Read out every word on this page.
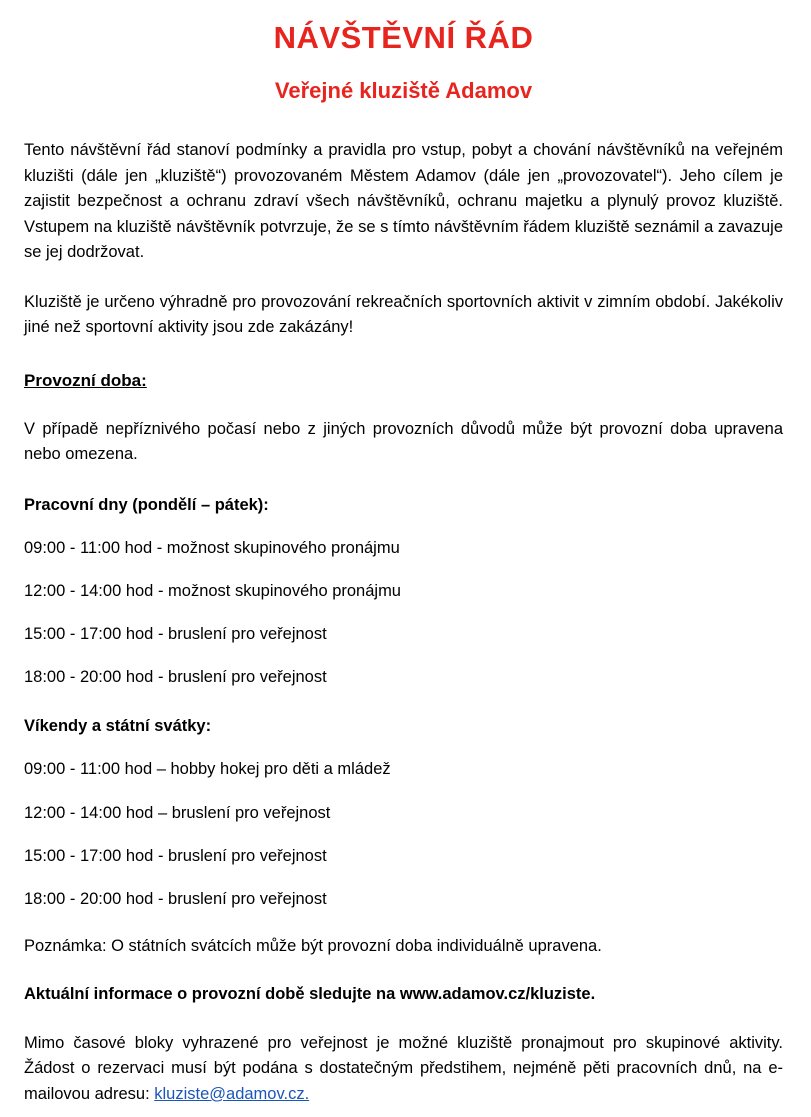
NÁVŠTĚVNÍ ŘÁD
Veřejné kluziště Adamov

Tento návštěvní řád stanoví podmínky a pravidla pro vstup, pobyt a chování návštěvníků na veřejném kluzišti (dále jen „kluziště“) provozovaném Městem Adamov (dále jen „provozovatel“). Jeho cílem je zajistit bezpečnost a ochranu zdraví všech návštěvníků, ochranu majetku a plynulý provoz kluziště. Vstupem na kluziště návštěvník potvrzuje, že se s tímto návštěvním řádem kluziště seznámil a zavazuje se jej dodržovat.

Kluziště je určeno výhradně pro provozování rekreačních sportovních aktivit v zimním období. Jakékoliv jiné než sportovní aktivity jsou zde zakázány!

Provozní doba:

V případě nepříznivého počasí nebo z jiných provozních důvodů může být provozní doba upravena nebo omezena.

Pracovní dny (pondělí – pátek):

09:00 - 11:00 hod - možnost skupinového pronájmu

12:00 - 14:00 hod - možnost skupinového pronájmu

15:00 - 17:00 hod - bruslení pro veřejnost

18:00 - 20:00 hod - bruslení pro veřejnost

Víkendy a státní svátky:

09:00 - 11:00 hod – hobby hokej pro děti a mládež

12:00 - 14:00 hod – bruslení pro veřejnost

15:00 - 17:00 hod - bruslení pro veřejnost

18:00 - 20:00 hod - bruslení pro veřejnost

Poznámka: O státních svátcích může být provozní doba individuálně upravena.

Aktuální informace o provozní době sledujte na www.adamov.cz/kluziste.

Mimo časové bloky vyhrazené pro veřejnost je možné kluziště pronajmout pro skupinové aktivity. Žádost o rezervaci musí být podána s dostatečným předstihem, nejméně pěti pracovních dnů, na e-mailovou adresu: kluziste@adamov.cz.
